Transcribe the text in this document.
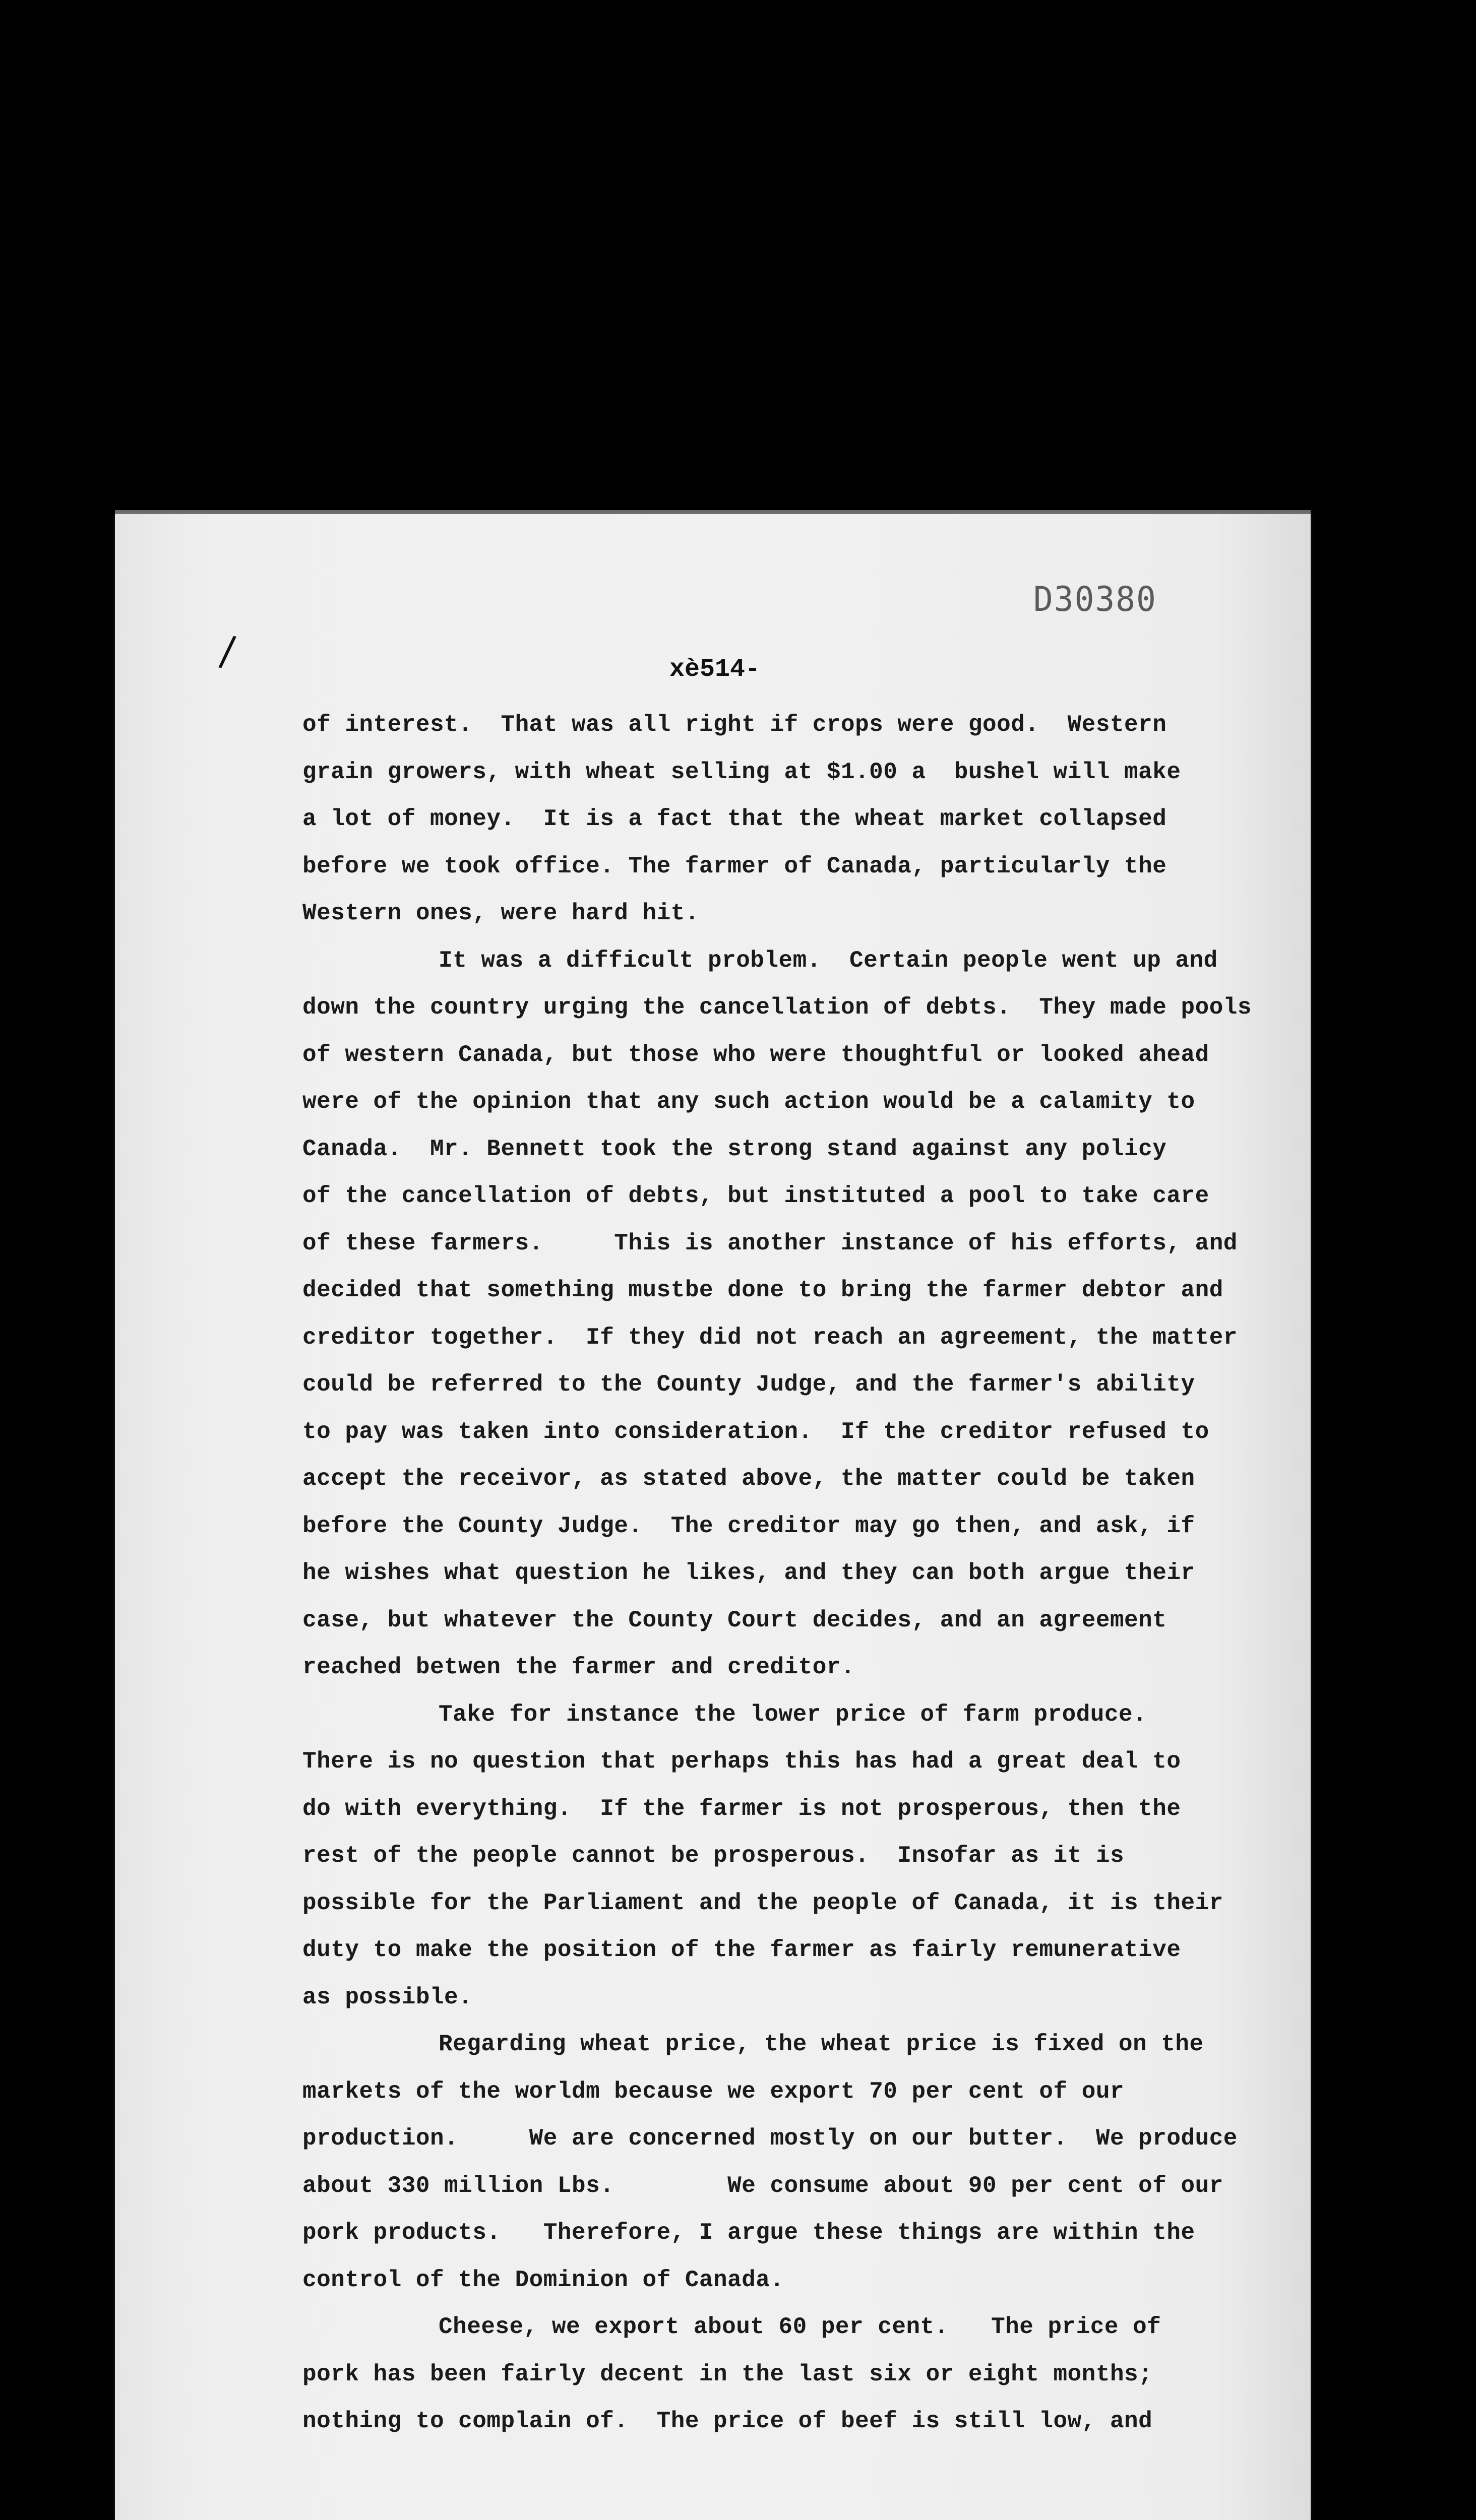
D30380
∕	xè514-
of interest.  That was all right if crops were good.  Western
grain growers, with wheat selling at $1.00 a  bushel will make
a lot of money.  It is a fact that the wheat market collapsed
before we took office. The farmer of Canada, particularly the
Western ones, were hard hit.
It was a difficult problem.  Certain people went up and
down the country urging the cancellation of debts.  They made pools
of western Canada, but those who were thoughtful or looked ahead
were of the opinion that any such action would be a calamity to
Canada.  Mr. Bennett took the strong stand against any policy
of the cancellation of debts, but instituted a pool to take care
of these farmers.     This is another instance of his efforts, and
decided that something mustbe done to bring the farmer debtor and
creditor together.  If they did not reach an agreement, the matter
could be referred to the County Judge, and the farmer's ability
to pay was taken into consideration.  If the creditor refused to
accept the receivor, as stated above, the matter could be taken
before the County Judge.  The creditor may go then, and ask, if
he wishes what question he likes, and they can both argue their
case, but whatever the County Court decides, and an agreement
reached betwen the farmer and creditor.
Take for instance the lower price of farm produce.
There is no question that perhaps this has had a great deal to
do with everything.  If the farmer is not prosperous, then the
rest of the people cannot be prosperous.  Insofar as it is
possible for the Parliament and the people of Canada, it is their
duty to make the position of the farmer as fairly remunerative
as possible.
Regarding wheat price, the wheat price is fixed on the
markets of the worldm because we export 70 per cent of our
production.     We are concerned mostly on our butter.  We produce
about 330 million Lbs.        We consume about 90 per cent of our
pork products.   Therefore, I argue these things are within the
control of the Dominion of Canada.
Cheese, we export about 60 per cent.   The price of
pork has been fairly decent in the last six or eight months;
nothing to complain of.  The price of beef is still low, and
